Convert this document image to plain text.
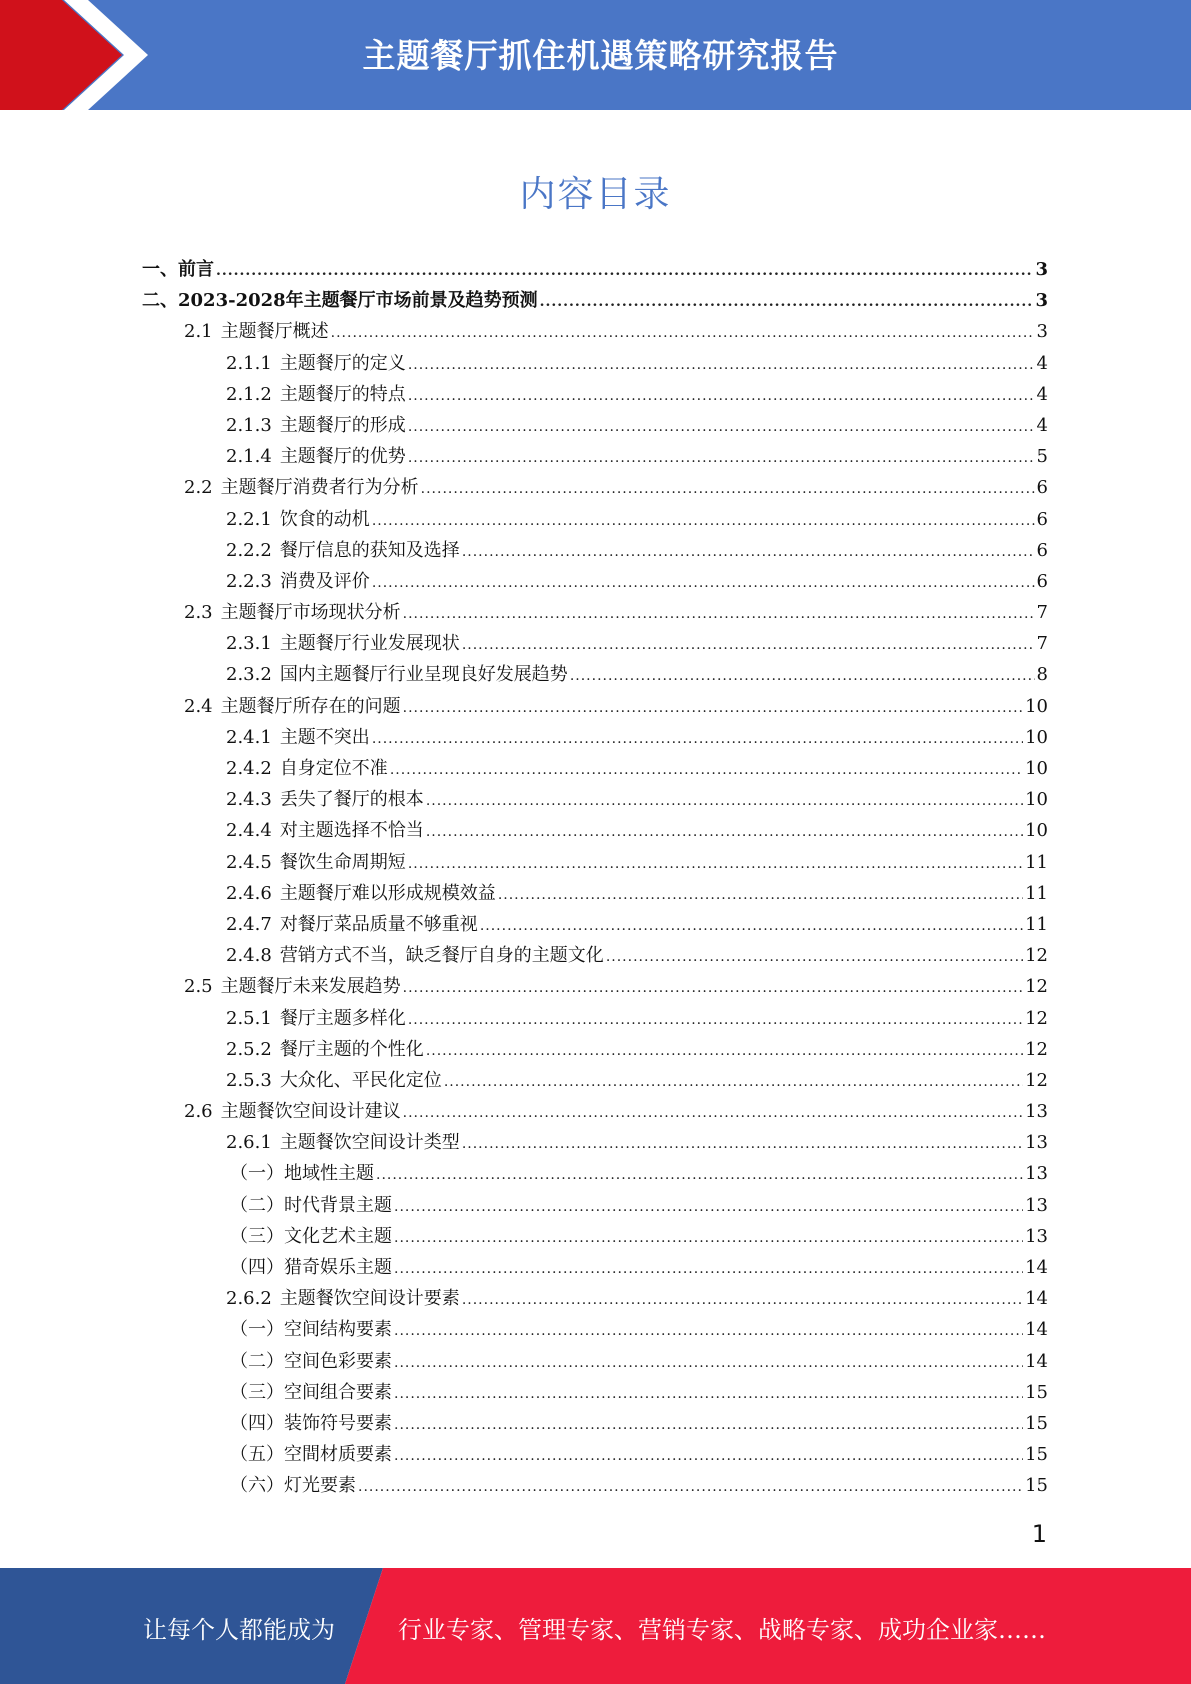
主题餐厅抓住机遇策略研究报告
内容目录
一、前言 .....	3
二、2023-2028年主题餐厅市场前景及趋势预测 .....	3
2.1 主题餐厅概述 .....	3
2.1.1 主题餐厅的定义 .....	4
2.1.2 主题餐厅的特点 .....	4
2.1.3 主题餐厅的形成 .....	4
2.1.4 主题餐厅的优势 .....	5
2.2 主题餐厅消费者行为分析 .....	6
2.2.1 饮食的动机 .....	6
2.2.2 餐厅信息的获知及选择 .....	6
2.2.3 消费及评价 .....	6
2.3 主题餐厅市场现状分析 .....	7
2.3.1 主题餐厅行业发展现状 .....	7
2.3.2 国内主题餐厅行业呈现良好发展趋势 .....	8
2.4 主题餐厅所存在的问题 .....	10
2.4.1 主题不突出 .....	10
2.4.2 自身定位不准 .....	10
2.4.3 丢失了餐厅的根本 .....	10
2.4.4 对主题选择不恰当 .....	10
2.4.5 餐饮生命周期短 .....	11
2.4.6 主题餐厅难以形成规模效益 .....	11
2.4.7 对餐厅菜品质量不够重视 .....	11
2.4.8 营销方式不当，缺乏餐厅自身的主题文化 .....	12
2.5 主题餐厅未来发展趋势 .....	12
2.5.1 餐厅主题多样化 .....	12
2.5.2 餐厅主题的个性化 .....	12
2.5.3 大众化、平民化定位 .....	12
2.6 主题餐饮空间设计建议 .....	13
2.6.1 主题餐饮空间设计类型 .....	13
（一）地域性主题 .....	13
（二）时代背景主题 .....	13
（三）文化艺术主题 .....	13
（四）猎奇娱乐主题 .....	14
2.6.2 主题餐饮空间设计要素 .....	14
（一）空间结构要素 .....	14
（二）空间色彩要素 .....	14
（三）空间组合要素 .....	15
（四）装饰符号要素 .....	15
（五）空間材质要素 .....	15
（六）灯光要素 .....	15
1
让每个人都能成为	行业专家、管理专家、营销专家、战略专家、成功企业家……
